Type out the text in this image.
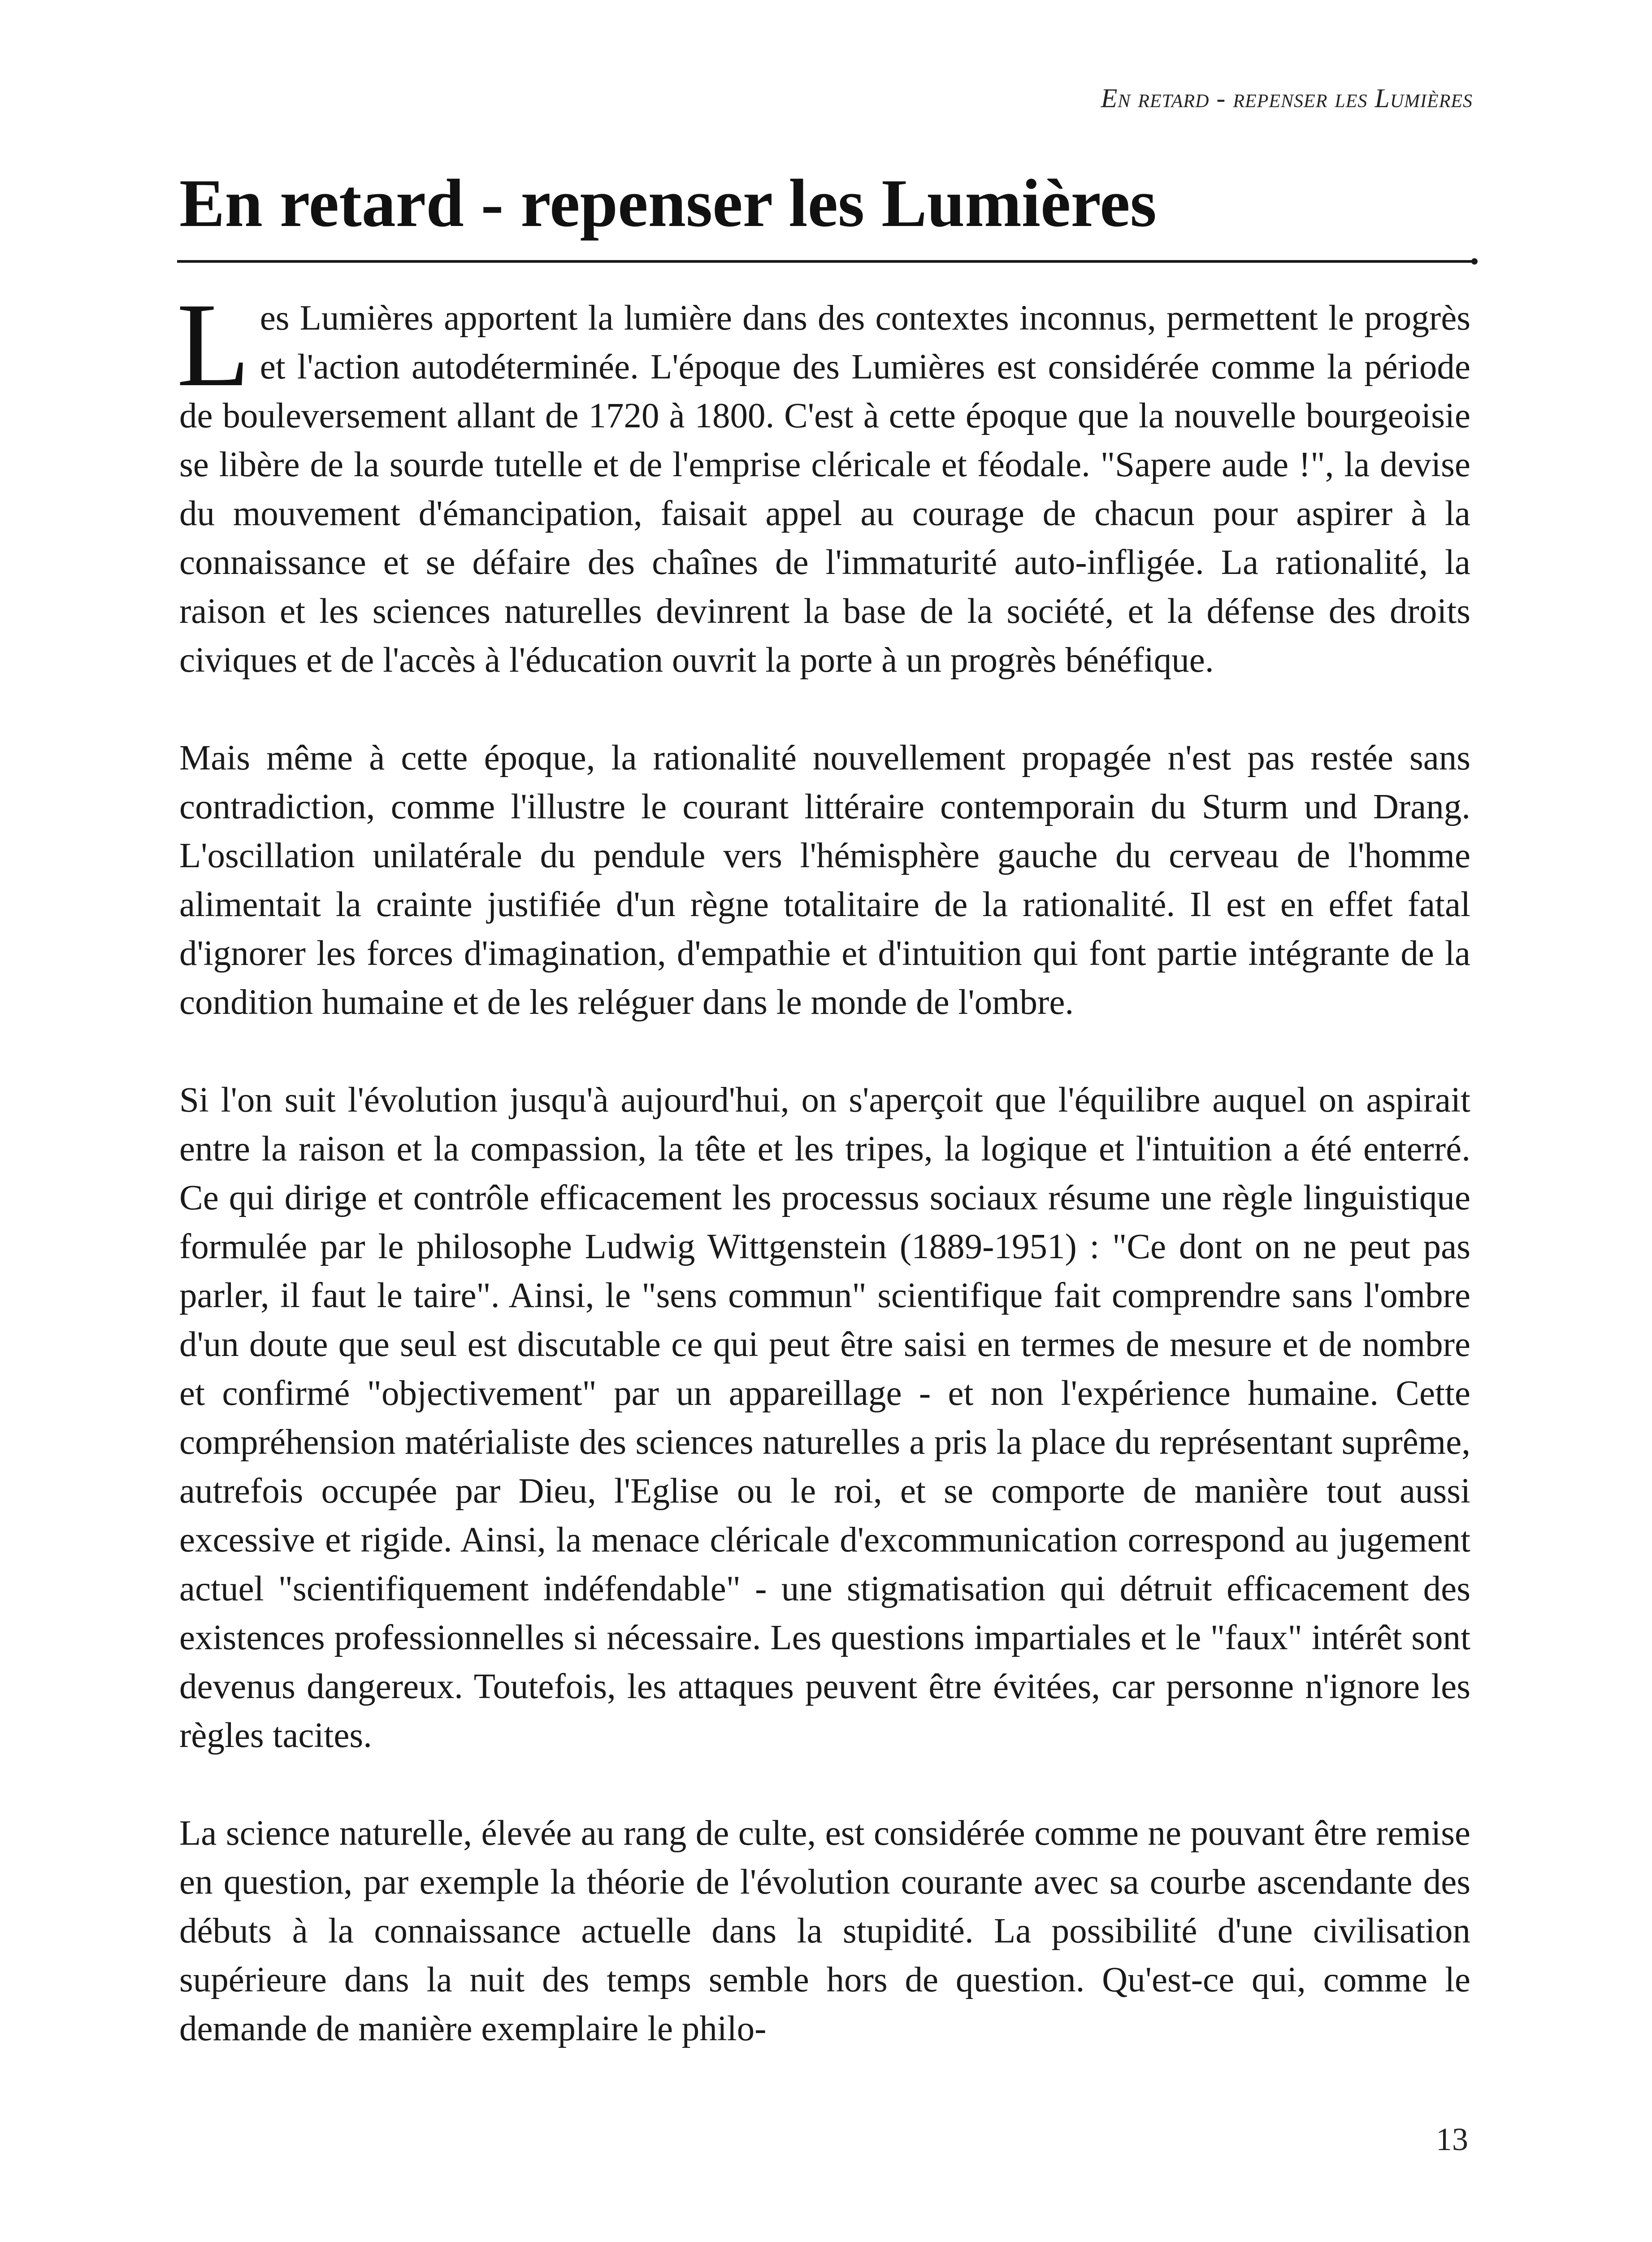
En retard - repenser les Lumières
En retard - repenser les Lumières

Les Lumières apportent la lumière dans des contextes inconnus, permettent le progrès et l'action autodéterminée. L'époque des Lumières est considérée comme la période de bouleversement allant de 1720 à 1800. C'est à cette époque que la nouvelle bourgeoisie se libère de la sourde tutelle et de l'emprise cléricale et féodale. "Sapere aude !", la devise du mouvement d'émancipation, faisait appel au courage de chacun pour aspirer à la connaissance et se défaire des chaînes de l'immaturité auto-infligée. La rationalité, la raison et les sciences naturelles devinrent la base de la société, et la défense des droits civiques et de l'accès à l'éducation ouvrit la porte à un progrès bénéfique.

Mais même à cette époque, la rationalité nouvellement propagée n'est pas restée sans contradiction, comme l'illustre le courant littéraire contemporain du Sturm und Drang. L'oscillation unilatérale du pendule vers l'hémisphère gauche du cerveau de l'homme alimentait la crainte justifiée d'un règne totalitaire de la rationalité. Il est en effet fatal d'ignorer les forces d'imagination, d'empathie et d'intuition qui font partie intégrante de la condition humaine et de les reléguer dans le monde de l'ombre.

Si l'on suit l'évolution jusqu'à aujourd'hui, on s'aperçoit que l'équilibre auquel on aspirait entre la raison et la compassion, la tête et les tripes, la logique et l'intuition a été enterré. Ce qui dirige et contrôle efficacement les processus sociaux résume une règle linguistique formulée par le philosophe Ludwig Wittgenstein (1889-1951) : "Ce dont on ne peut pas parler, il faut le taire". Ainsi, le "sens commun" scientifique fait comprendre sans l'ombre d'un doute que seul est discutable ce qui peut être saisi en termes de mesure et de nombre et confirmé "objectivement" par un appareillage - et non l'expérience humaine. Cette compréhension matérialiste des sciences naturelles a pris la place du représentant suprême, autrefois occupée par Dieu, l'Eglise ou le roi, et se comporte de manière tout aussi excessive et rigide. Ainsi, la menace cléricale d'excommunication correspond au jugement actuel "scientifiquement indéfendable" - une stigmatisation qui détruit efficacement des existences professionnelles si nécessaire. Les questions impartiales et le "faux" intérêt sont devenus dangereux. Toutefois, les attaques peuvent être évitées, car personne n'ignore les règles tacites.

La science naturelle, élevée au rang de culte, est considérée comme ne pouvant être remise en question, par exemple la théorie de l'évolution courante avec sa courbe ascendante des débuts à la connaissance actuelle dans la stupidité. La possibilité d'une civilisation supérieure dans la nuit des temps semble hors de question. Qu'est-ce qui, comme le demande de manière exemplaire le philo-

13
